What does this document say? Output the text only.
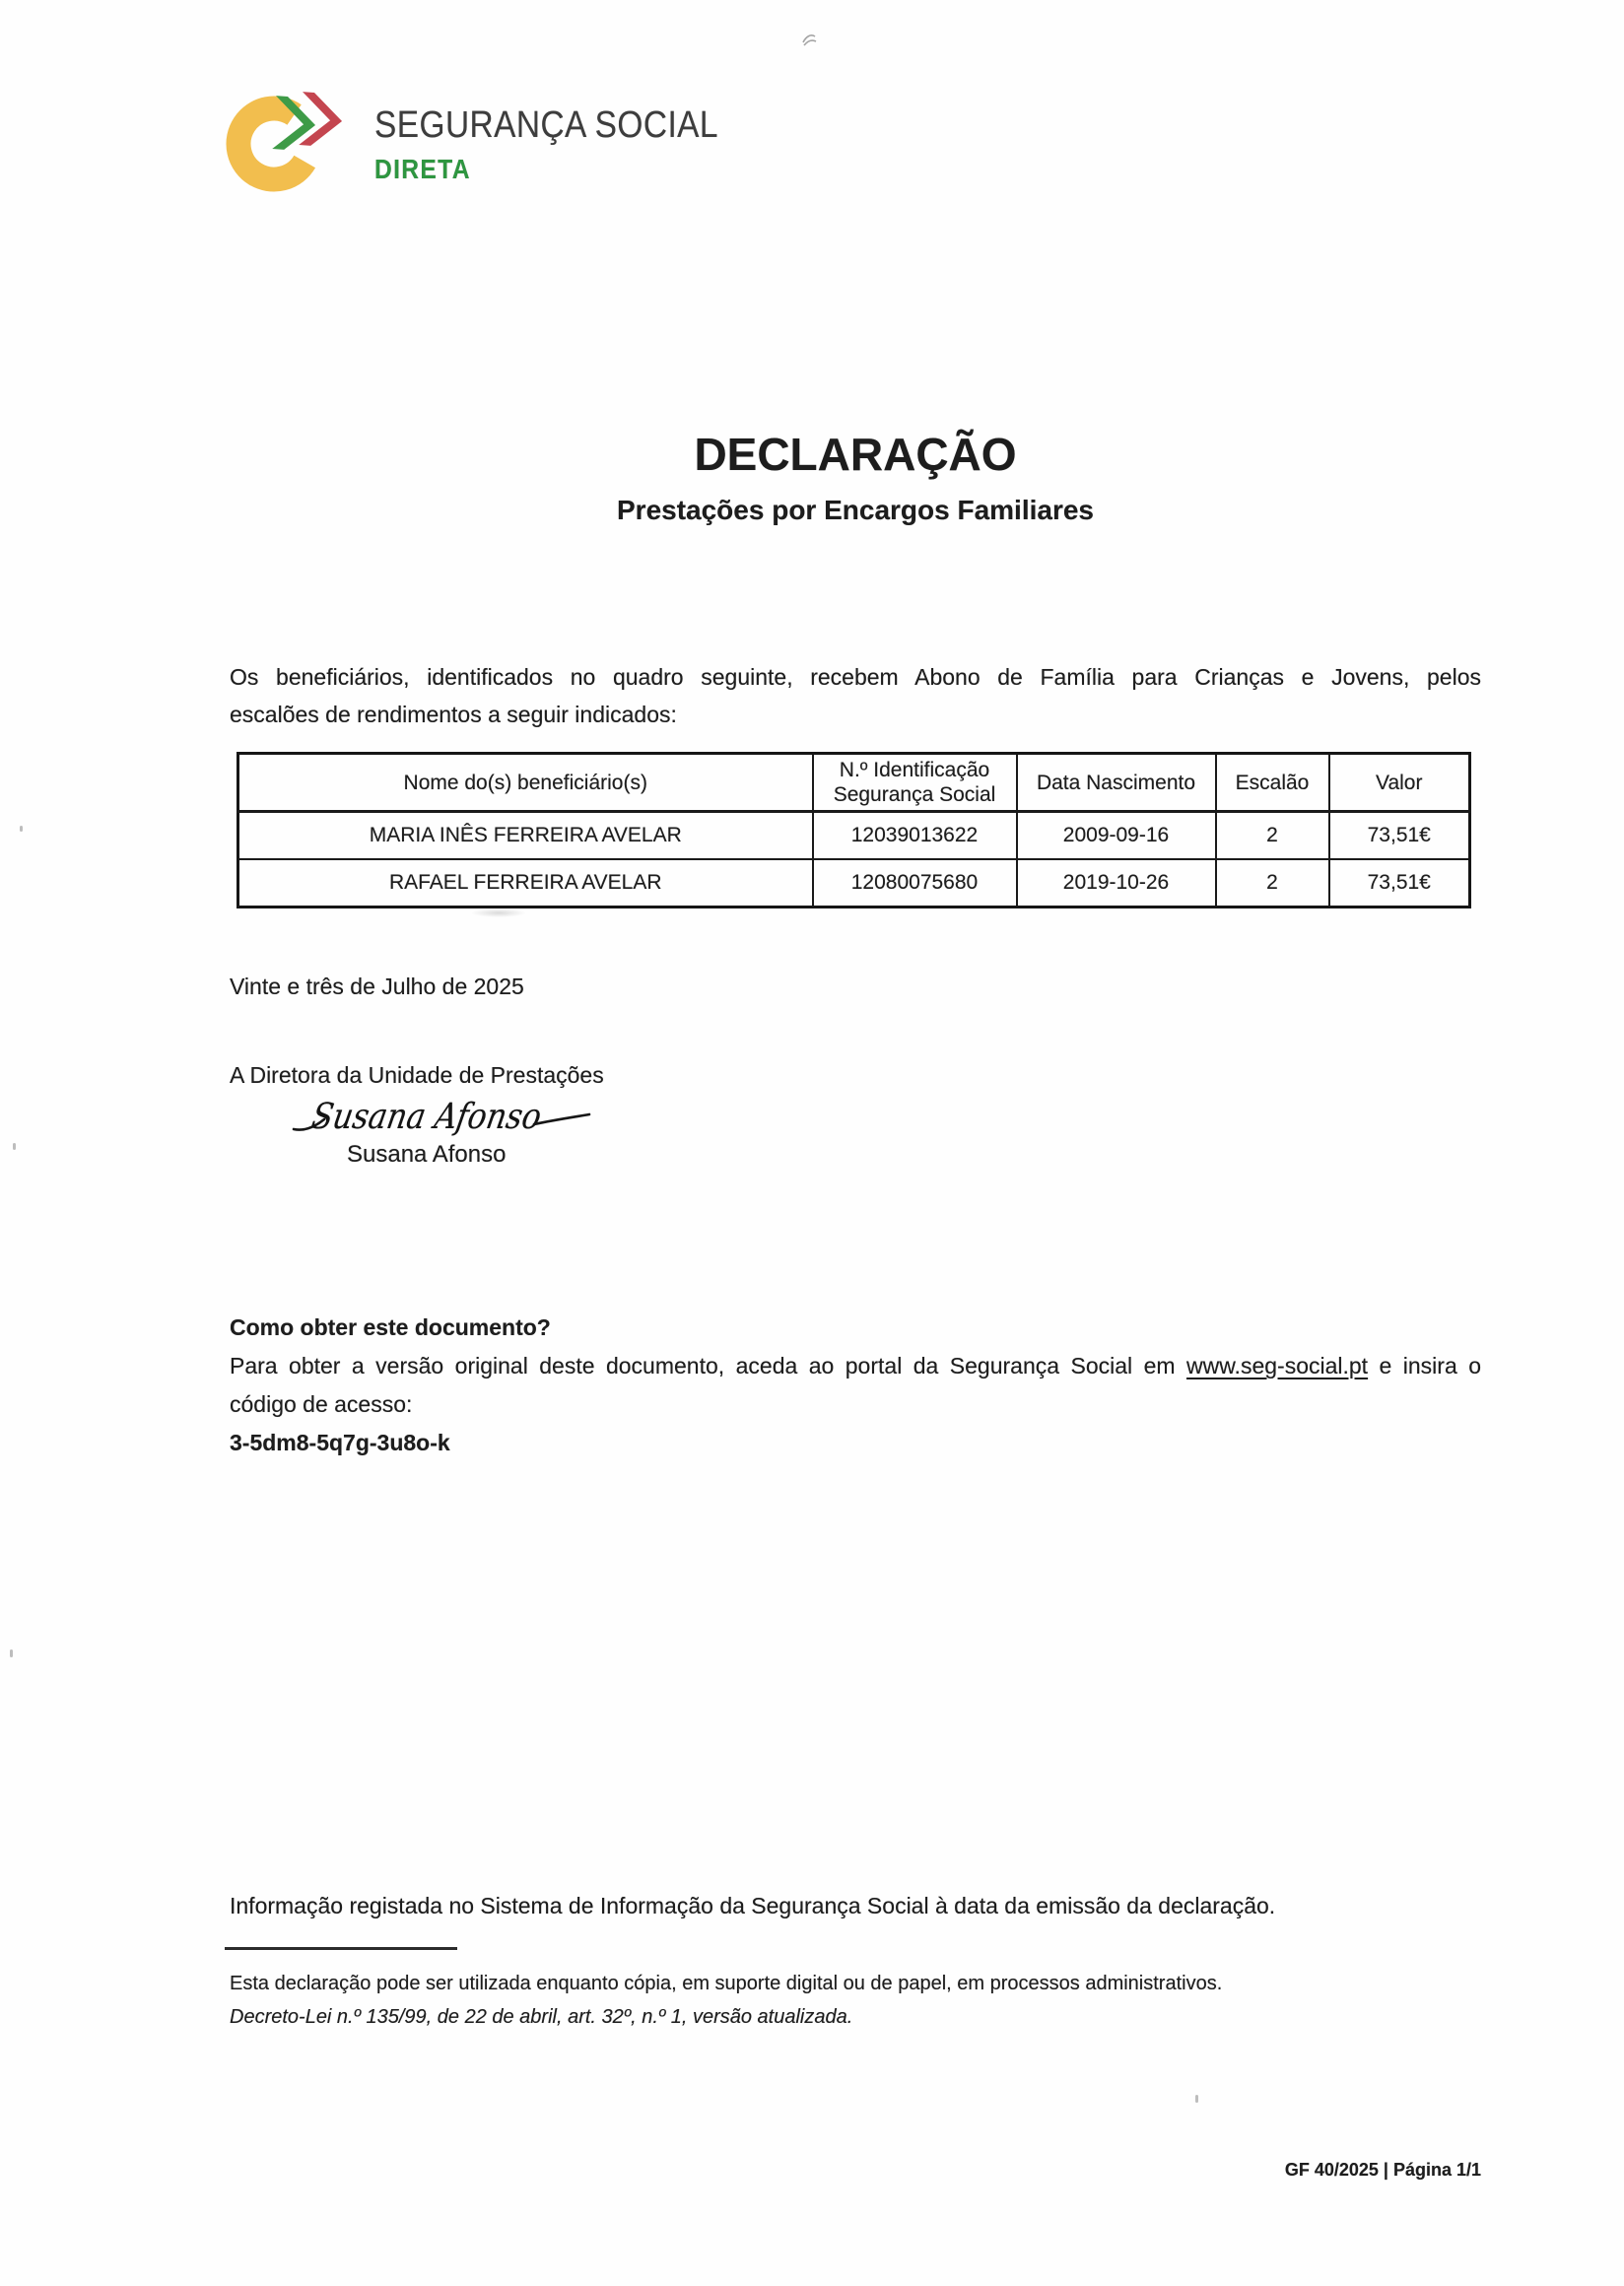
SEGURANÇA SOCIAL
DIRETA
DECLARAÇÃO
Prestações por Encargos Familiares
Os beneficiários, identificados no quadro seguinte, recebem Abono de Família para Crianças e Jovens, pelos
escalões de rendimentos a seguir indicados:
Nome do(s) beneficiário(s)	N.º Identificação Segurança Social	Data Nascimento	Escalão	Valor
MARIA INÊS FERREIRA AVELAR	12039013622	2009-09-16	2	73,51€
RAFAEL FERREIRA AVELAR	12080075680	2019-10-26	2	73,51€
Vinte e três de Julho de 2025
A Diretora da Unidade de Prestações
Susana Afonso
Susana Afonso
Como obter este documento?
Para obter a versão original deste documento, aceda ao portal da Segurança Social em www.seg-social.pt e insira o
código de acesso:
3-5dm8-5q7g-3u8o-k
Informação registada no Sistema de Informação da Segurança Social à data da emissão da declaração.
Esta declaração pode ser utilizada enquanto cópia, em suporte digital ou de papel, em processos administrativos.
Decreto-Lei n.º 135/99, de 22 de abril, art. 32º, n.º 1, versão atualizada.
GF 40/2025 | Página 1/1
